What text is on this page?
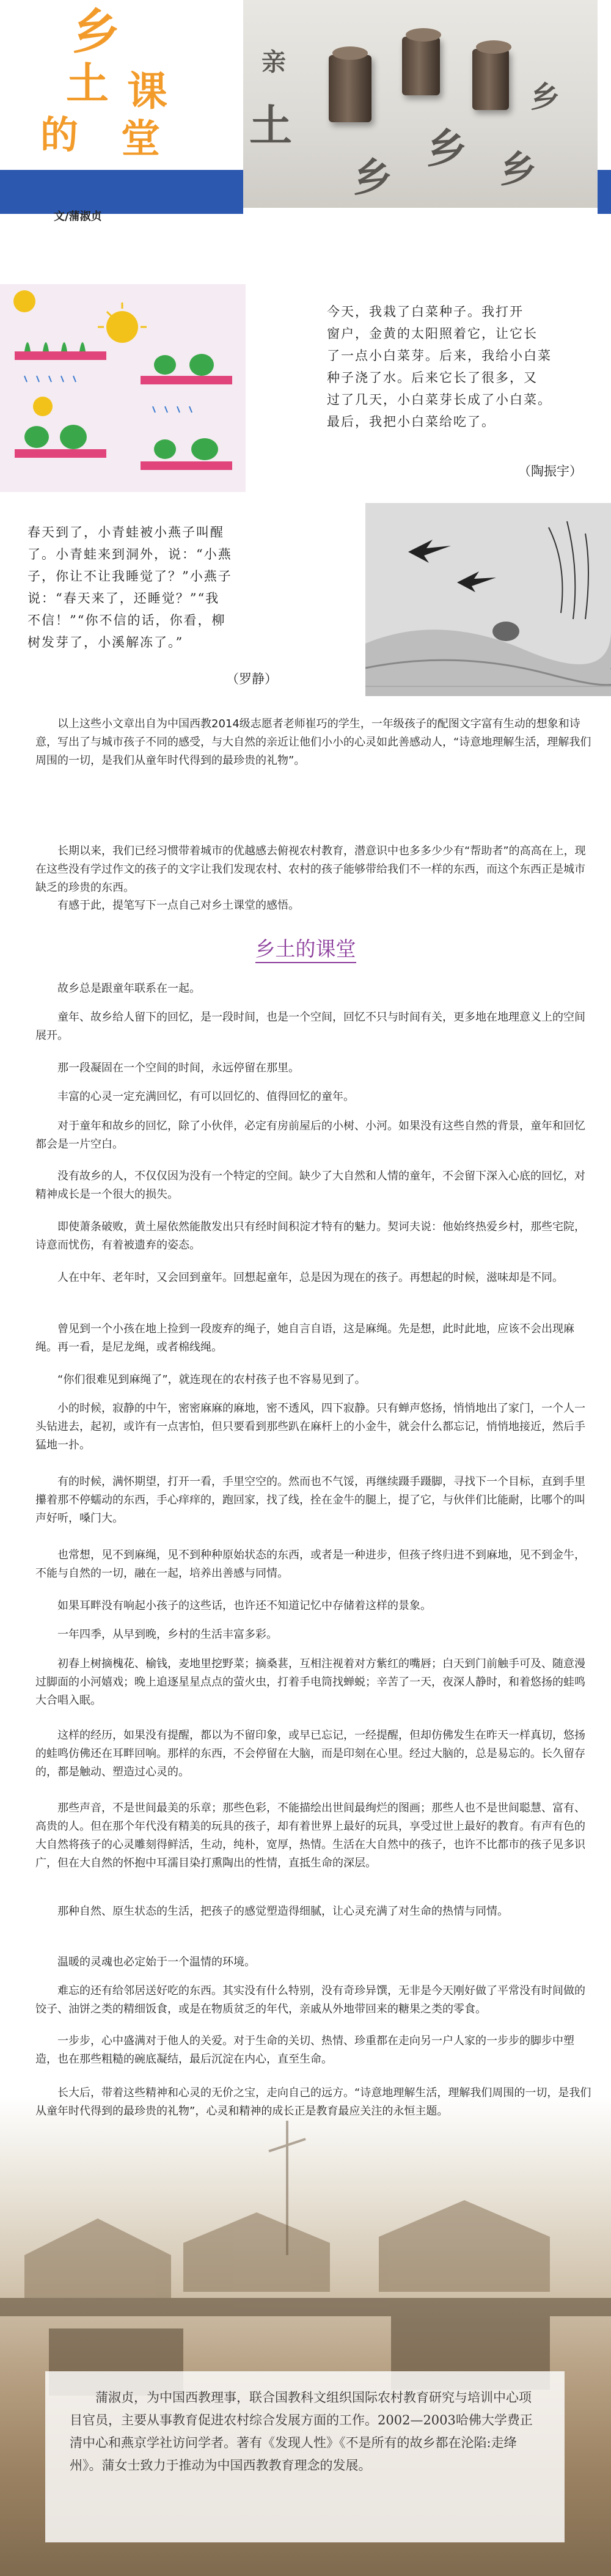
乡
土
的
课
堂
亲
土
乡
乡 乡
乡
文/蒲淑贞
今天，我栽了白菜种子。我打开
窗户，金黄的太阳照着它，让它长
了一点小白菜芽。后来，我给小白菜
种子浇了水。后来它长了很多，又
过了几天，小白菜芽长成了小白菜。
最后，我把小白菜给吃了。
（陶振宇）
春天到了，小青蛙被小燕子叫醒
了。小青蛙来到洞外，说：“小燕
子，你让不让我睡觉了？”小燕子
说：“春天来了，还睡觉？”“我
不信！”“你不信的话，你看，柳
树发芽了，小溪解冻了。”
（罗静）

以上这些小文章出自为中国西教2014级志愿者老师崔巧的学生，一年级孩子的配图文字富有生动的想象和诗意，写出了与城市孩子不同的感受，与大自然的亲近让他们小小的心灵如此善感动人，“诗意地理解生活，理解我们周围的一切，是我们从童年时代得到的最珍贵的礼物”。

长期以来，我们已经习惯带着城市的优越感去俯视农村教育，潜意识中也多多少少有“帮助者”的高高在上，现在这些没有学过作文的孩子的文字让我们发现农村、农村的孩子能够带给我们不一样的东西，而这个东西正是城市缺乏的珍贵的东西。

有感于此，提笔写下一点自己对乡土课堂的感悟。

乡土的课堂

故乡总是跟童年联系在一起。

童年、故乡给人留下的回忆，是一段时间，也是一个空间，回忆不只与时间有关，更多地在地理意义上的空间展开。

那一段凝固在一个空间的时间，永远停留在那里。

丰富的心灵一定充满回忆，有可以回忆的、值得回忆的童年。

对于童年和故乡的回忆，除了小伙伴，必定有房前屋后的小树、小河。如果没有这些自然的背景，童年和回忆都会是一片空白。

没有故乡的人，不仅仅因为没有一个特定的空间。缺少了大自然和人情的童年，不会留下深入心底的回忆，对精神成长是一个很大的损失。

即使萧条破败，黄土屋依然能散发出只有经时间积淀才特有的魅力。契诃夫说：他始终热爱乡村，那些宅院，诗意而忧伤，有着被遗弃的姿态。

人在中年、老年时，又会回到童年。回想起童年，总是因为现在的孩子。再想起的时候，滋味却是不同。

曾见到一个小孩在地上捡到一段废弃的绳子，她自言自语，这是麻绳。先是想，此时此地，应该不会出现麻绳。再一看，是尼龙绳，或者棉线绳。

“你们很难见到麻绳了”，就连现在的农村孩子也不容易见到了。

小的时候，寂静的中午，密密麻麻的麻地，密不透风，四下寂静。只有蝉声悠扬，悄悄地出了家门，一个人一头钻进去，起初，或许有一点害怕，但只要看到那些趴在麻杆上的小金牛，就会什么都忘记，悄悄地接近，然后手猛地一扑。

有的时候，满怀期望，打开一看，手里空空的。然而也不气馁，再继续蹑手蹑脚，寻找下一个目标，直到手里攥着那不停蠕动的东西，手心痒痒的，跑回家，找了线，拴在金牛的腿上，提了它，与伙伴们比能耐，比哪个的叫声好听，嗓门大。

也常想，见不到麻绳，见不到种种原始状态的东西，或者是一种进步，但孩子终归进不到麻地，见不到金牛，不能与自然的一切，融在一起，培养出善感与同情。

如果耳畔没有响起小孩子的这些话，也许还不知道记忆中存储着这样的景象。

一年四季，从早到晚，乡村的生活丰富多彩。

初春上树摘槐花、榆钱，麦地里挖野菜；摘桑葚，互相注视着对方紫红的嘴唇；白天到门前触手可及、随意漫过脚面的小河嬉戏；晚上追逐星星点点的萤火虫，打着手电筒找蝉蜕；辛苦了一天，夜深人静时，和着悠扬的蛙鸣大合唱入眠。

这样的经历，如果没有提醒，都以为不留印象，或早已忘记，一经提醒，但却仿佛发生在昨天一样真切，悠扬的蛙鸣仿佛还在耳畔回响。那样的东西，不会停留在大脑，而是印刻在心里。经过大脑的，总是易忘的。长久留存的，都是触动、塑造过心灵的。

那些声音，不是世间最美的乐章；那些色彩，不能描绘出世间最绚烂的图画；那些人也不是世间聪慧、富有、高贵的人。但在那个年代没有精美的玩具的孩子，却有着世界上最好的玩具，享受过世上最好的教育。有声有色的大自然将孩子的心灵雕刻得鲜活，生动，纯朴，宽厚，热情。生活在大自然中的孩子，也许不比都市的孩子见多识广，但在大自然的怀抱中耳濡目染打熏陶出的性情，直抵生命的深层。

那种自然、原生状态的生活，把孩子的感觉塑造得细腻，让心灵充满了对生命的热情与同情。

温暖的灵魂也必定始于一个温情的环境。

难忘的还有给邻居送好吃的东西。其实没有什么特别，没有奇珍异馔，无非是今天刚好做了平常没有时间做的饺子、油饼之类的精细饭食，或是在物质贫乏的年代，亲戚从外地带回来的糖果之类的零食。

一步步，心中盛满对于他人的关爱。对于生命的关切、热情、珍重都在走向另一户人家的一步步的脚步中塑造，也在那些粗糙的碗底凝结，最后沉淀在内心，直至生命。

长大后，带着这些精神和心灵的无价之宝，走向自己的远方。“诗意地理解生活，理解我们周围的一切，是我们从童年时代得到的最珍贵的礼物”，心灵和精神的成长正是教育最应关注的永恒主题。

蒲淑贞，为中国西教理事，联合国教科文组织国际农村教育研究与培训中心项目官员，主要从事教育促进农村综合发展方面的工作。2002—2003哈佛大学费正清中心和燕京学社访问学者。著有《发现人性》《不是所有的故乡都在沦陷:走绛州》。蒲女士致力于推动为中国西教教育理念的发展。
